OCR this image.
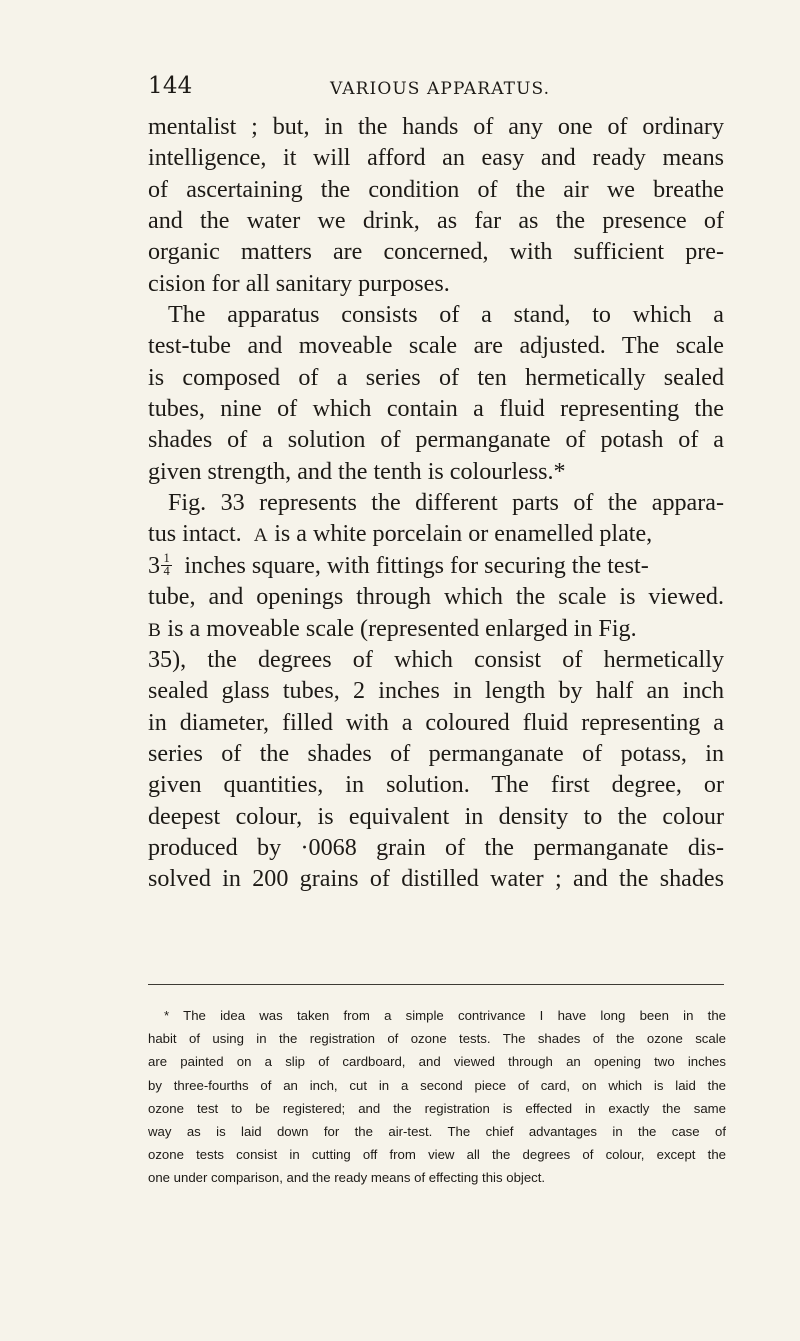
144	VARIOUS APPARATUS.
mentalist ; but, in the hands of any one of ordinary
intelligence, it will afford an easy and ready means
of ascertaining the condition of the air we breathe
and the water we drink, as far as the presence of
organic matters are concerned, with sufficient pre-
cision for all sanitary purposes.
The apparatus consists of a stand, to which a
test-tube and moveable scale are adjusted. The scale
is composed of a series of ten hermetically sealed
tubes, nine of which contain a fluid representing the
shades of a solution of permanganate of potash of a
given strength, and the tenth is colourless.*
Fig. 33 represents the different parts of the appara-
tus intact. A is a white porcelain or enamelled plate,
$3 \frac{1}{4}$ inches square, with fittings for securing the test-
tube, and openings through which the scale is viewed.
B is a moveable scale (represented enlarged in Fig.
35), the degrees of which consist of hermetically
sealed glass tubes, 2 inches in length by half an inch
in diameter, filled with a coloured fluid representing a
series of the shades of permanganate of potass, in
given quantities, in solution. The first degree, or
deepest colour, is equivalent in density to the colour
produced by ·0068 grain of the permanganate dis-
solved in 200 grains of distilled water ; and the shades
* The idea was taken from a simple contrivance I have long been in the
habit of using in the registration of ozone tests. The shades of the ozone scale
are painted on a slip of cardboard, and viewed through an opening two inches
by three-fourths of an inch, cut in a second piece of card, on which is laid the
ozone test to be registered; and the registration is effected in exactly the same
way as is laid down for the air-test. The chief advantages in the case of
ozone tests consist in cutting off from view all the degrees of colour, except the
one under comparison, and the ready means of effecting this object.
